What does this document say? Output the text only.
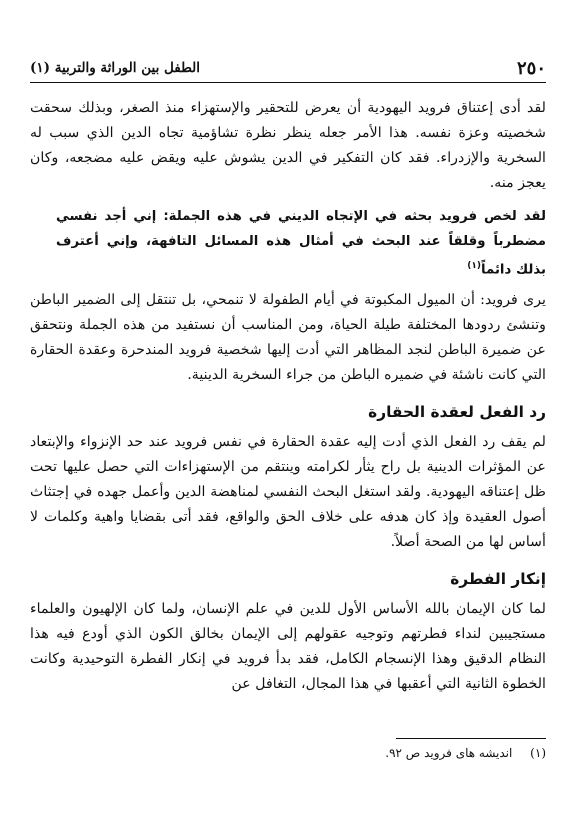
٢٥٠
الطفل بين الوراثة والتربية (١)

لقد أدى إعتناق فرويد اليهودية أن يعرض للتحقير والإستهزاء منذ الصغر، وبذلك سحقت شخصيته وعزة نفسه. هذا الأمر جعله ينظر نظرة تشاؤمية تجاه الدين الذي سبب له السخرية والإزدراء. فقد كان التفكير في الدين يشوش عليه ويقض عليه مضجعه، وكان يعجز منه.

لقد لخص فرويد بحثه في الإتجاه الديني في هذه الجملة: إني أجد نفسي مضطرباً وقلقاً عند البحث في أمثال هذه المسائل التافهة، وإني أعترف بذلك دائماً$^{(١)}$

يرى فرويد: أن الميول المكبوتة في أيام الطفولة لا تنمحي، بل تنتقل إلى الضمير الباطن وتنشئ ردودها المختلفة طيلة الحياة، ومن المناسب أن نستفيد من هذه الجملة ونتحقق عن ضميرة الباطن لنجد المظاهر التي أدت إليها شخصية فرويد المندحرة وعقدة الحقارة التي كانت ناشئة في ضميره الباطن من جراء السخرية الدينية.

رد الفعل لعقدة الحقارة

لم يقف رد الفعل الذي أدت إليه عقدة الحقارة في نفس فرويد عند حد الإنزواء والإبتعاد عن المؤثرات الدينية بل راح يثأر لكرامته وينتقم من الإستهزاءات التي حصل عليها تحت ظل إعتناقه اليهودية. ولقد استغل البحث النفسي لمناهضة الدين وأعمل جهده في إجتثاث أصول العقيدة وإذ كان هدفه على خلاف الحق والواقع، فقد أتى بقضايا واهية وكلمات لا أساس لها من الصحة أصلاً.

إنكار الفطرة

لما كان الإيمان بالله الأساس الأول للدين في علم الإنسان، ولما كان الإلهيون والعلماء مستجيبين لنداء فطرتهم وتوجيه عقولهم إلى الإيمان بخالق الكون الذي أودع فيه هذا النظام الدقيق وهذا الإنسجام الكامل، فقد بدأ فرويد في إنكار الفطرة التوحيدية وكانت الخطوة الثانية التي أعقبها في هذا المجال، التغافل عن

(١) انديشه هاى فرويد ص ٩٢.
